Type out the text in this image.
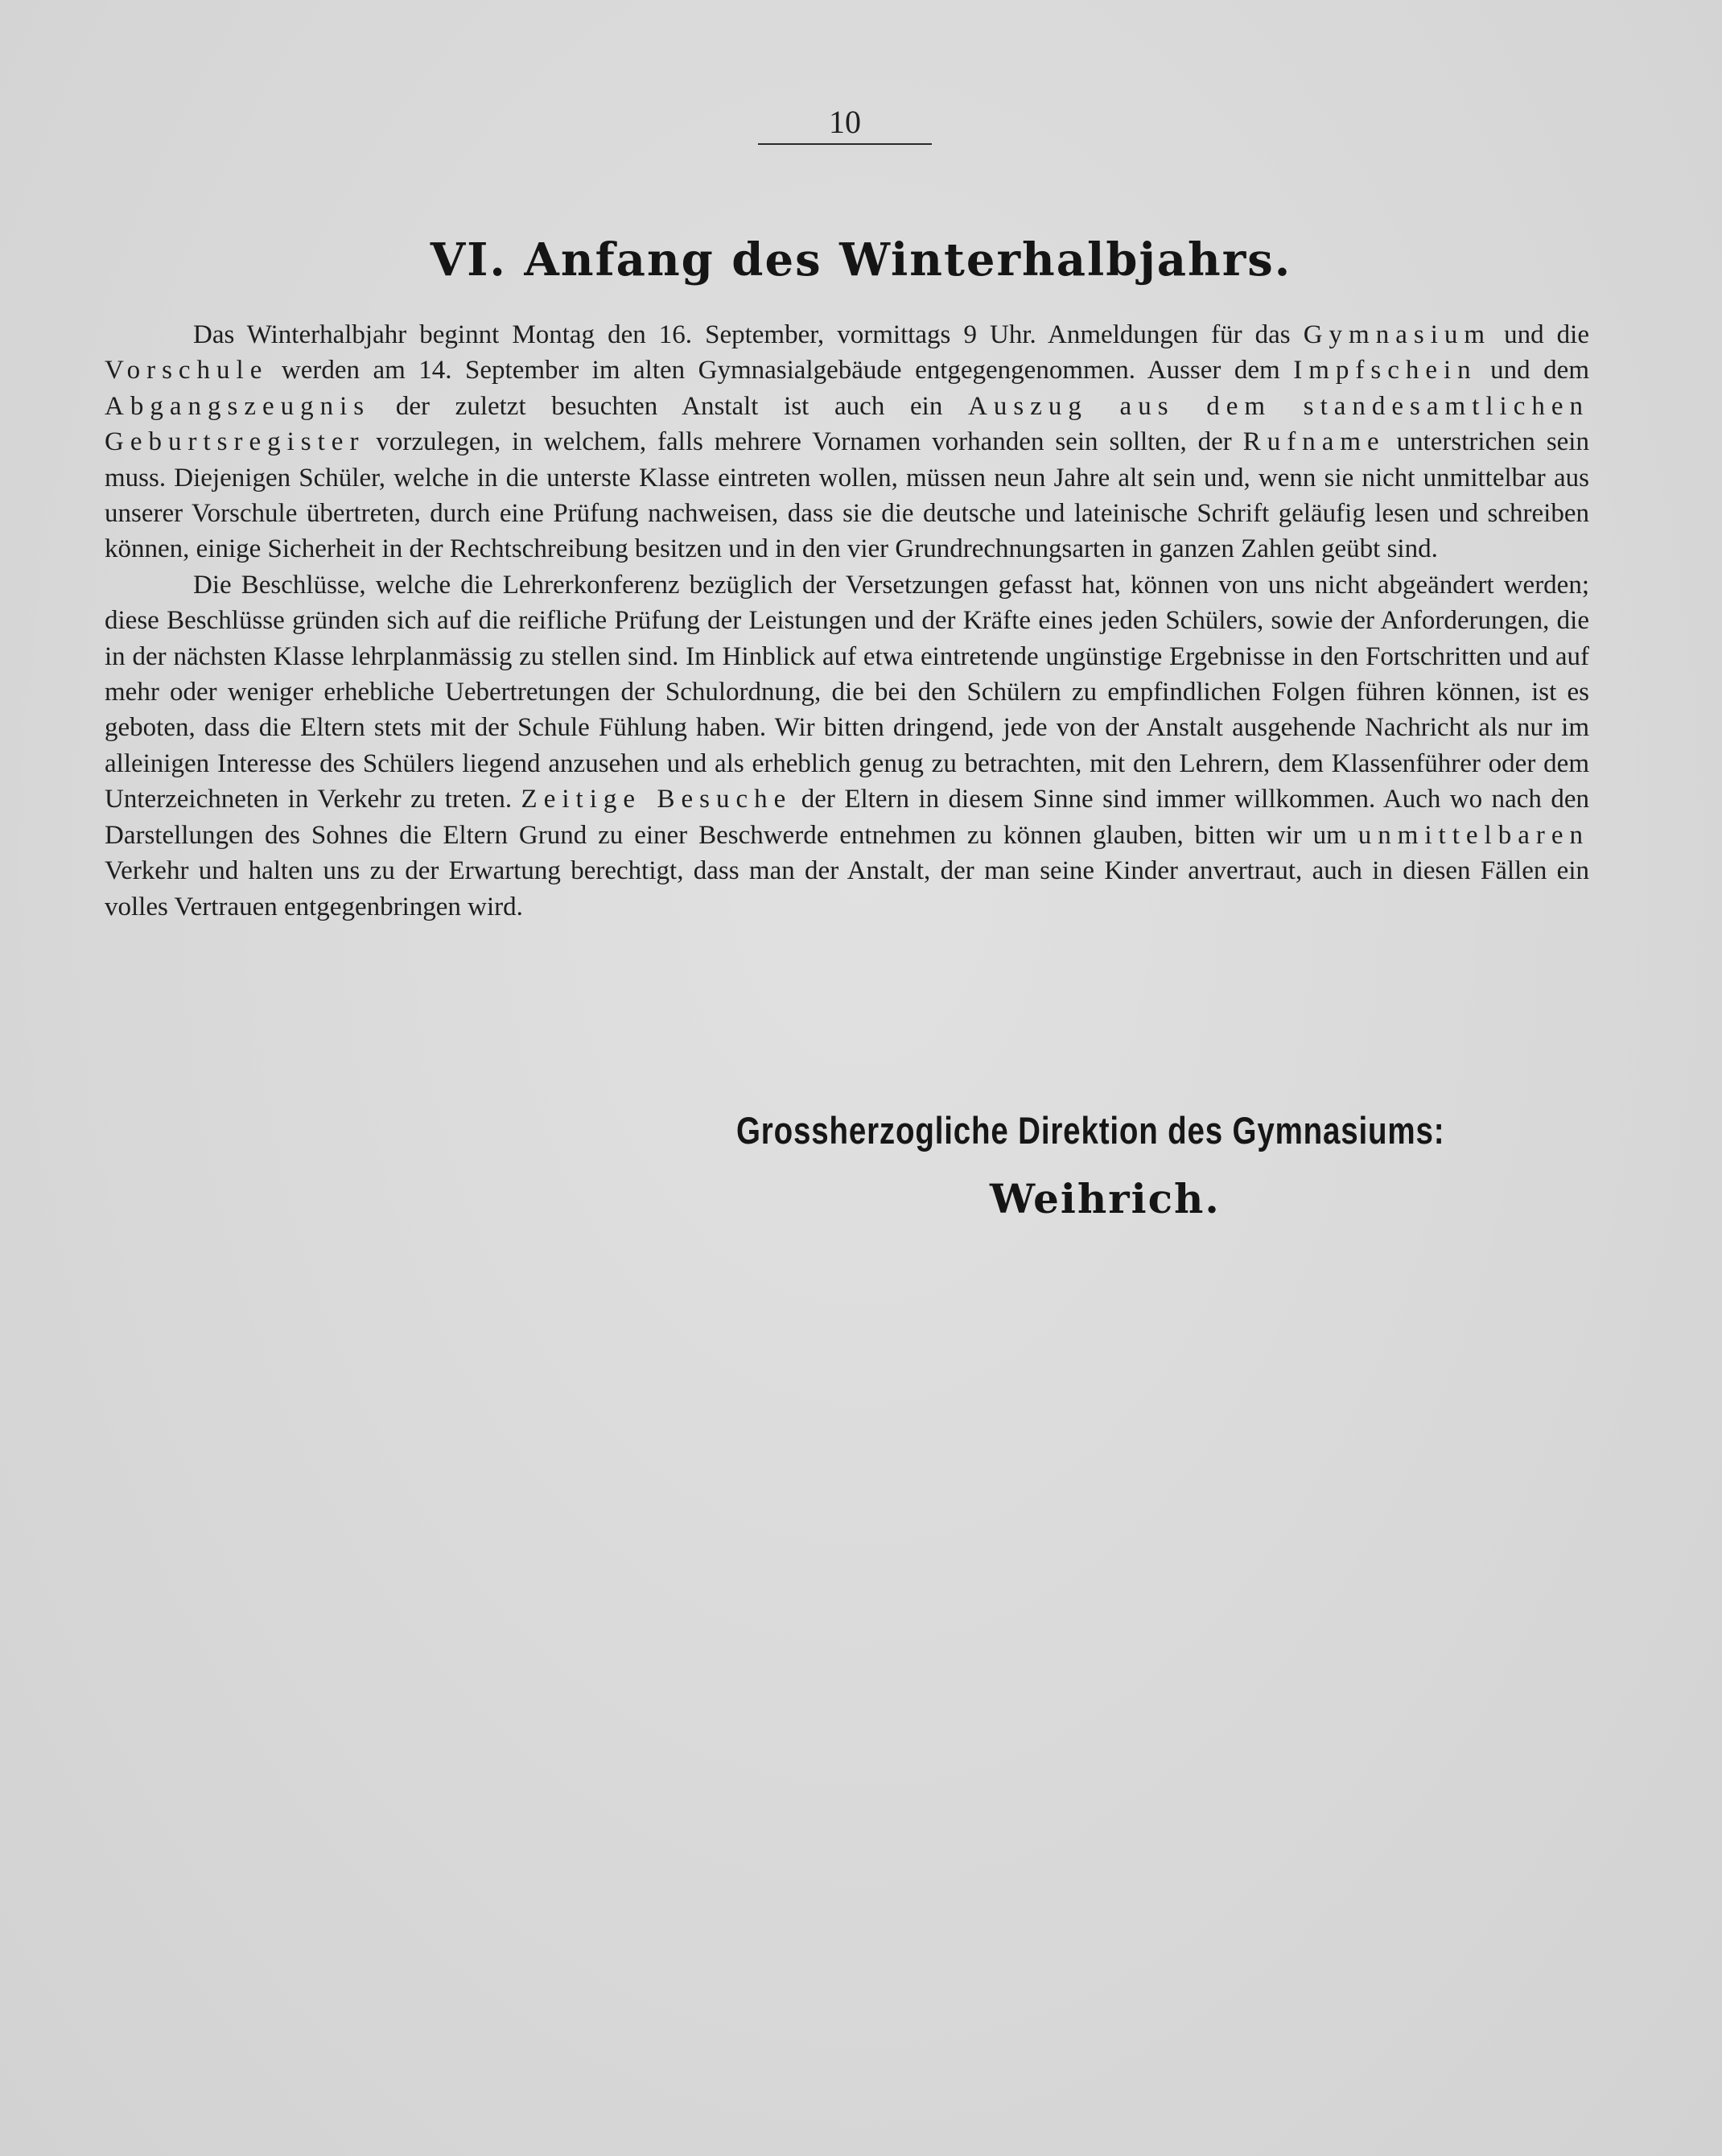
10
VI. Anfang des Winterhalbjahrs.

Das Winterhalbjahr beginnt Montag den 16. September, vormittags 9 Uhr. Anmeldungen für das Gymnasium und die Vorschule werden am 14. September im alten Gymnasialgebäude entgegengenommen. Ausser dem Impfschein und dem Abgangszeugnis der zuletzt besuchten Anstalt ist auch ein Auszug aus dem standesamtlichen Geburtsregister vorzulegen, in welchem, falls mehrere Vornamen vorhanden sein sollten, der Rufname unterstrichen sein muss. Diejenigen Schüler, welche in die unterste Klasse eintreten wollen, müssen neun Jahre alt sein und, wenn sie nicht unmittelbar aus unserer Vorschule übertreten, durch eine Prüfung nachweisen, dass sie die deutsche und lateinische Schrift geläufig lesen und schreiben können, einige Sicherheit in der Rechtschreibung besitzen und in den vier Grundrechnungsarten in ganzen Zahlen geübt sind.

Die Beschlüsse, welche die Lehrerkonferenz bezüglich der Versetzungen gefasst hat, können von uns nicht abgeändert werden; diese Beschlüsse gründen sich auf die reifliche Prüfung der Leistungen und der Kräfte eines jeden Schülers, sowie der Anforderungen, die in der nächsten Klasse lehrplanmässig zu stellen sind. Im Hinblick auf etwa eintretende ungünstige Ergebnisse in den Fortschritten und auf mehr oder weniger erhebliche Uebertretungen der Schulordnung, die bei den Schülern zu empfindlichen Folgen führen können, ist es geboten, dass die Eltern stets mit der Schule Fühlung haben. Wir bitten dringend, jede von der Anstalt ausgehende Nachricht als nur im alleinigen Interesse des Schülers liegend anzusehen und als erheblich genug zu betrachten, mit den Lehrern, dem Klassenführer oder dem Unterzeichneten in Verkehr zu treten. Zeitige Besuche der Eltern in diesem Sinne sind immer willkommen. Auch wo nach den Darstellungen des Sohnes die Eltern Grund zu einer Beschwerde entnehmen zu können glauben, bitten wir um unmittelbaren Verkehr und halten uns zu der Erwartung berechtigt, dass man der Anstalt, der man seine Kinder anvertraut, auch in diesen Fällen ein volles Vertrauen entgegenbringen wird.

Grossherzogliche Direktion des Gymnasiums:
Weihrich.
